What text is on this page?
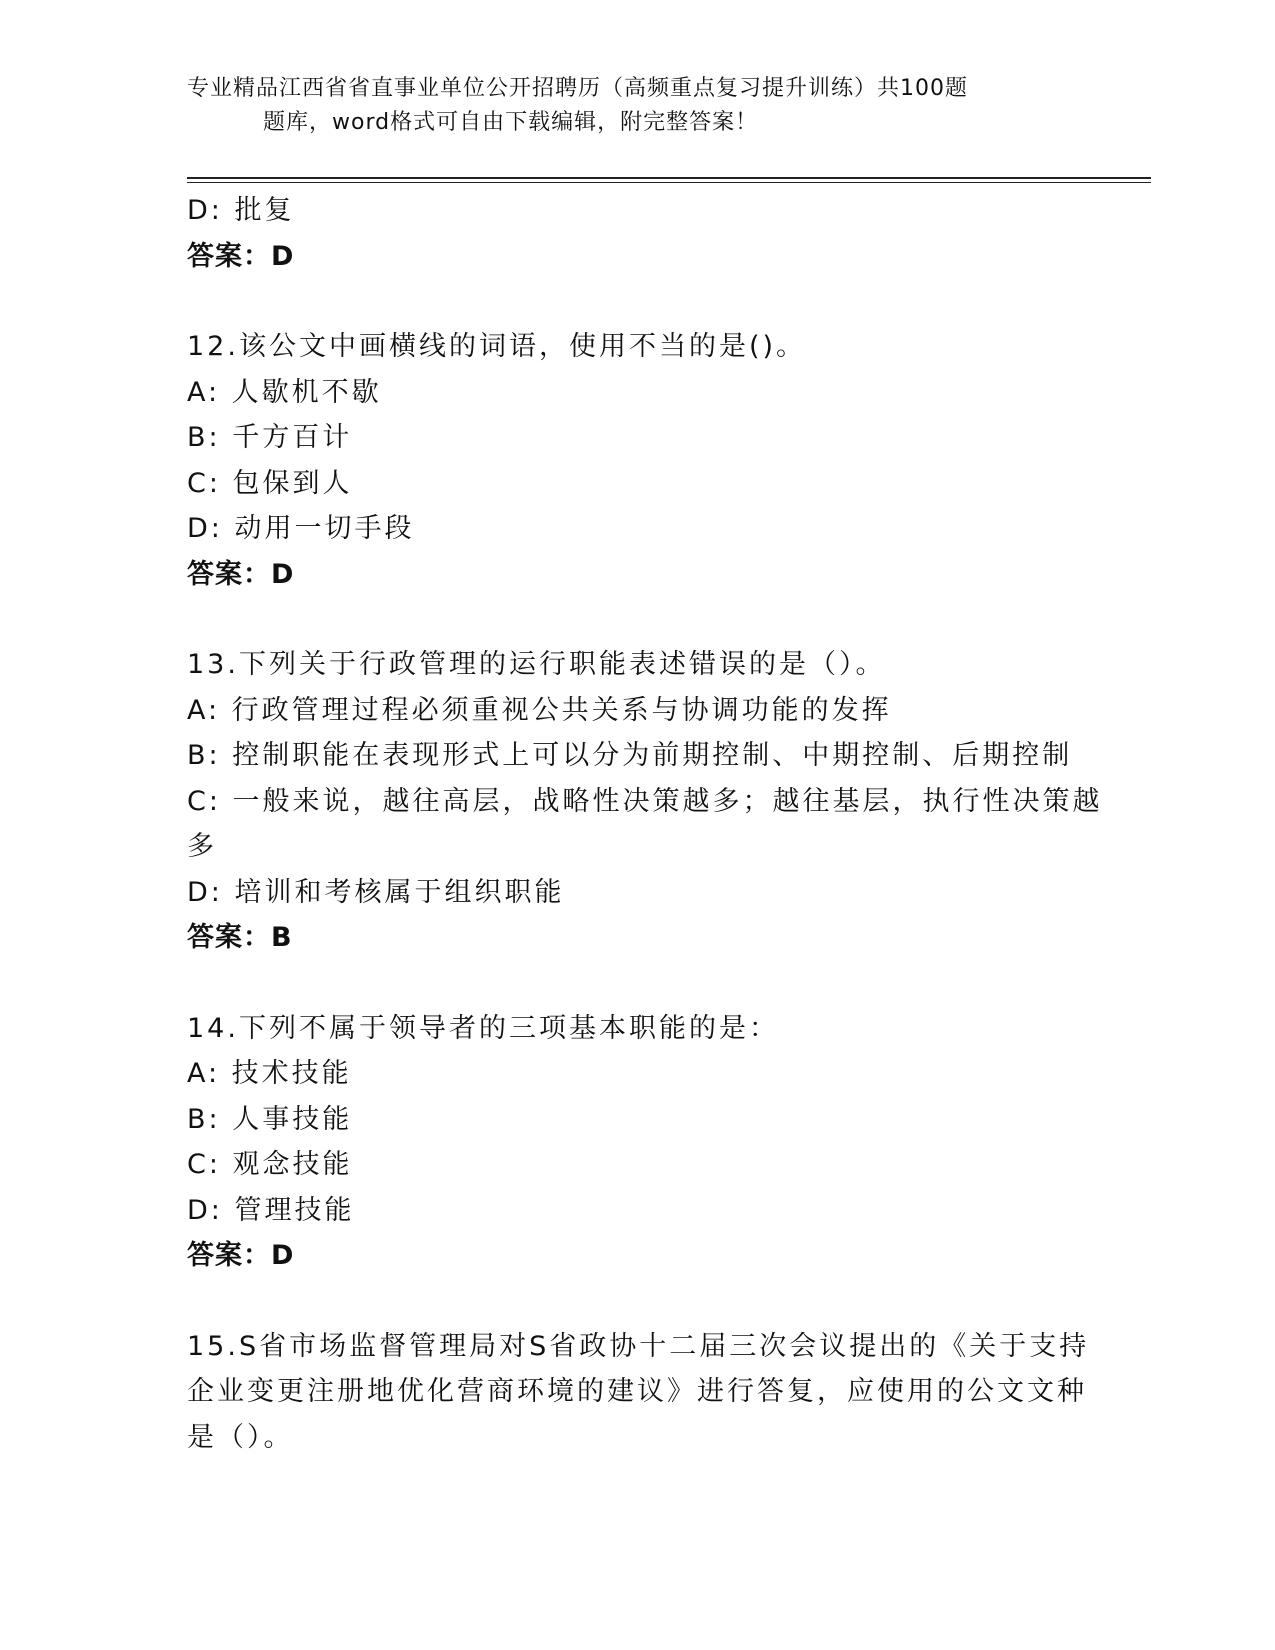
专业精品江西省省直事业单位公开招聘历（高频重点复习提升训练）共100题
题库，word格式可自由下载编辑，附完整答案！
D: 批复
答案：D
12.该公文中画横线的词语，使用不当的是()。
A: 人歇机不歇
B: 千方百计
C: 包保到人
D: 动用一切手段
答案：D
13.下列关于行政管理的运行职能表述错误的是（）。
A: 行政管理过程必须重视公共关系与协调功能的发挥
B: 控制职能在表现形式上可以分为前期控制、中期控制、后期控制
C: 一般来说，越往高层，战略性决策越多；越往基层，执行性决策越
多
D: 培训和考核属于组织职能
答案：B
14.下列不属于领导者的三项基本职能的是：
A: 技术技能
B: 人事技能
C: 观念技能
D: 管理技能
答案：D
15.S省市场监督管理局对S省政协十二届三次会议提出的《关于支持
企业变更注册地优化营商环境的建议》进行答复，应使用的公文文种
是（）。
